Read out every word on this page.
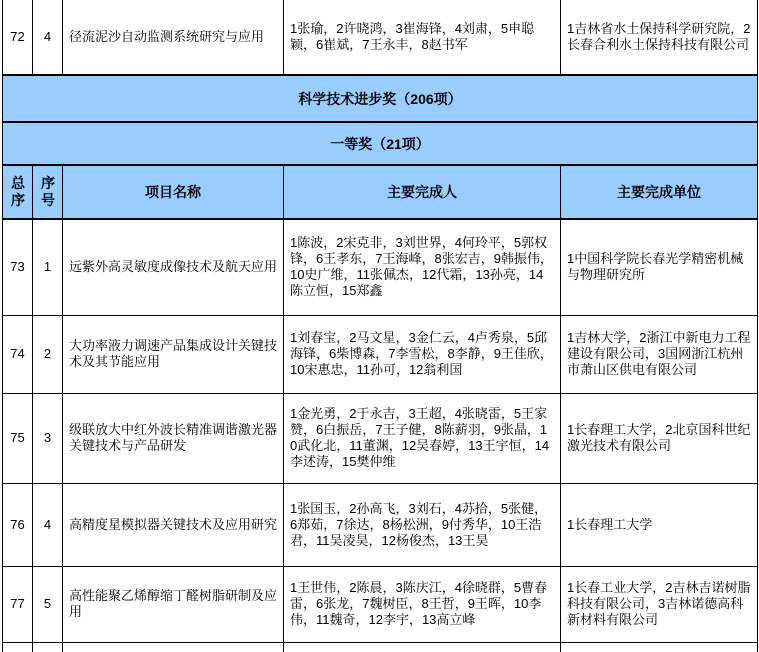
72	4	径流泥沙自动监测系统研究与应用	1张瑜，2许晓鸿，3崔海锋，4刘肃，5申聪颖，6崔斌，7王永丰，8赵书军	1吉林省水土保持科学研究院，2长春合利水土保持科技有限公司
科学技术进步奖（206项）				
一等奖（21项）				
总序	序号	项目名称	主要完成人	主要完成单位
73	1	远紫外高灵敏度成像技术及航天应用	1陈波，2宋克非，3刘世界，4何玲平，5郭权锋，6王孝东，7王海峰，8张宏吉，9韩振伟，10史广维，11张佩杰，12代霜，13孙亮，14陈立恒，15郑鑫	1中国科学院长春光学精密机械与物理研究所
74	2	大功率液力调速产品集成设计关键技术及其节能应用	1刘春宝，2马文星，3金仁云，4卢秀泉，5邱海锋，6柴博森，7李雪松，8李静，9王佳欣，10宋惠忠，11孙可，12翁利国	1吉林大学，2浙江中新电力工程建设有限公司，3国网浙江杭州市萧山区供电有限公司
75	3	级联放大中红外波长精准调谐激光器关键技术与产品研发	1金光勇，2于永吉，3王超，4张晓雷，5王家赞，6白振岳，7王子健，8陈薪羽，9张晶，10武化北，11董渊，12吴春婷，13王宇恒，14李述涛，15樊仲维	1长春理工大学，2北京国科世纪激光技术有限公司
76	4	高精度星模拟器关键技术及应用研究	1张国玉，2孙高飞，3刘石，4苏拾，5张健，6郑茹，7徐达，8杨松洲，9付秀华，10王浩君，11吴凌昊，12杨俊杰，13王昊	1长春理工大学
77	5	高性能聚乙烯醇缩丁醛树脂研制及应用	1王世伟，2陈晨，3陈庆江，4徐晓群，5曹春雷，6张龙，7魏树臣，8王哲，9王晖，10李伟，11魏奇，12李宇，13高立峰	1长春工业大学，2吉林吉诺树脂科技有限公司，3吉林诺德高科新材料有限公司
